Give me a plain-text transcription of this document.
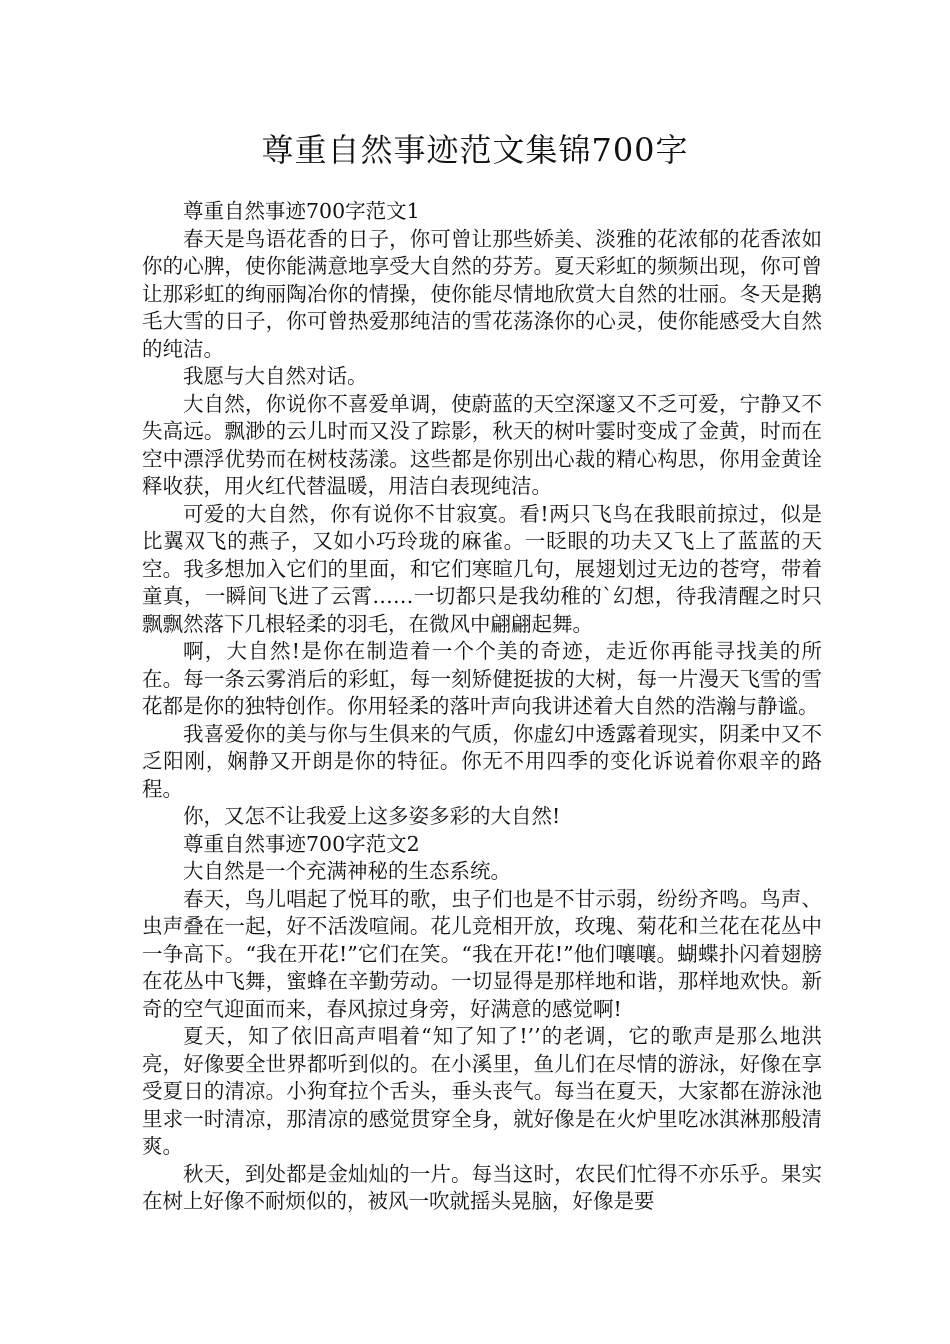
尊重自然事迹范文集锦700字

尊重自然事迹700字范文1

春天是鸟语花香的日子，你可曾让那些娇美、淡雅的花浓郁的花香浓如你的心脾，使你能满意地享受大自然的芬芳。夏天彩虹的频频出现，你可曾让那彩虹的绚丽陶冶你的情操，使你能尽情地欣赏大自然的壮丽。冬天是鹅毛大雪的日子，你可曾热爱那纯洁的雪花荡涤你的心灵，使你能感受大自然的纯洁。

我愿与大自然对话。

大自然，你说你不喜爱单调，使蔚蓝的天空深邃又不乏可爱，宁静又不失高远。飘渺的云儿时而又没了踪影，秋天的树叶霎时变成了金黄，时而在空中漂浮优势而在树枝荡漾。这些都是你别出心裁的精心构思，你用金黄诠释收获，用火红代替温暖，用洁白表现纯洁。

可爱的大自然，你有说你不甘寂寞。看!两只飞鸟在我眼前掠过，似是比翼双飞的燕子，又如小巧玲珑的麻雀。一眨眼的功夫又飞上了蓝蓝的天空。我多想加入它们的里面，和它们寒暄几句，展翅划过无边的苍穹，带着童真，一瞬间飞进了云霄……一切都只是我幼稚的`幻想，待我清醒之时只飘飘然落下几根轻柔的羽毛，在微风中翩翩起舞。

啊，大自然!是你在制造着一个个美的奇迹，走近你再能寻找美的所在。每一条云雾消后的彩虹，每一刻矫健挺拔的大树，每一片漫天飞雪的雪花都是你的独特创作。你用轻柔的落叶声向我讲述着大自然的浩瀚与静谧。

我喜爱你的美与你与生俱来的气质，你虚幻中透露着现实，阴柔中又不乏阳刚，娴静又开朗是你的特征。你无不用四季的变化诉说着你艰辛的路程。

你，又怎不让我爱上这多姿多彩的大自然!

尊重自然事迹700字范文2

大自然是一个充满神秘的生态系统。

春天，鸟儿唱起了悦耳的歌，虫子们也是不甘示弱，纷纷齐鸣。鸟声、虫声叠在一起，好不活泼喧闹。花儿竞相开放，玫瑰、菊花和兰花在花丛中一争高下。“我在开花!”它们在笑。“我在开花!”他们嚷嚷。蝴蝶扑闪着翅膀在花丛中飞舞，蜜蜂在辛勤劳动。一切显得是那样地和谐，那样地欢快。新奇的空气迎面而来，春风掠过身旁，好满意的感觉啊!

夏天，知了依旧高声唱着“知了知了!’’的老调，它的歌声是那么地洪亮，好像要全世界都听到似的。在小溪里，鱼儿们在尽情的游泳，好像在享受夏日的清凉。小狗耷拉个舌头，垂头丧气。每当在夏天，大家都在游泳池里求一时清凉，那清凉的感觉贯穿全身，就好像是在火炉里吃冰淇淋那般清爽。

秋天，到处都是金灿灿的一片。每当这时，农民们忙得不亦乐乎。果实在树上好像不耐烦似的，被风一吹就摇头晃脑，好像是要
